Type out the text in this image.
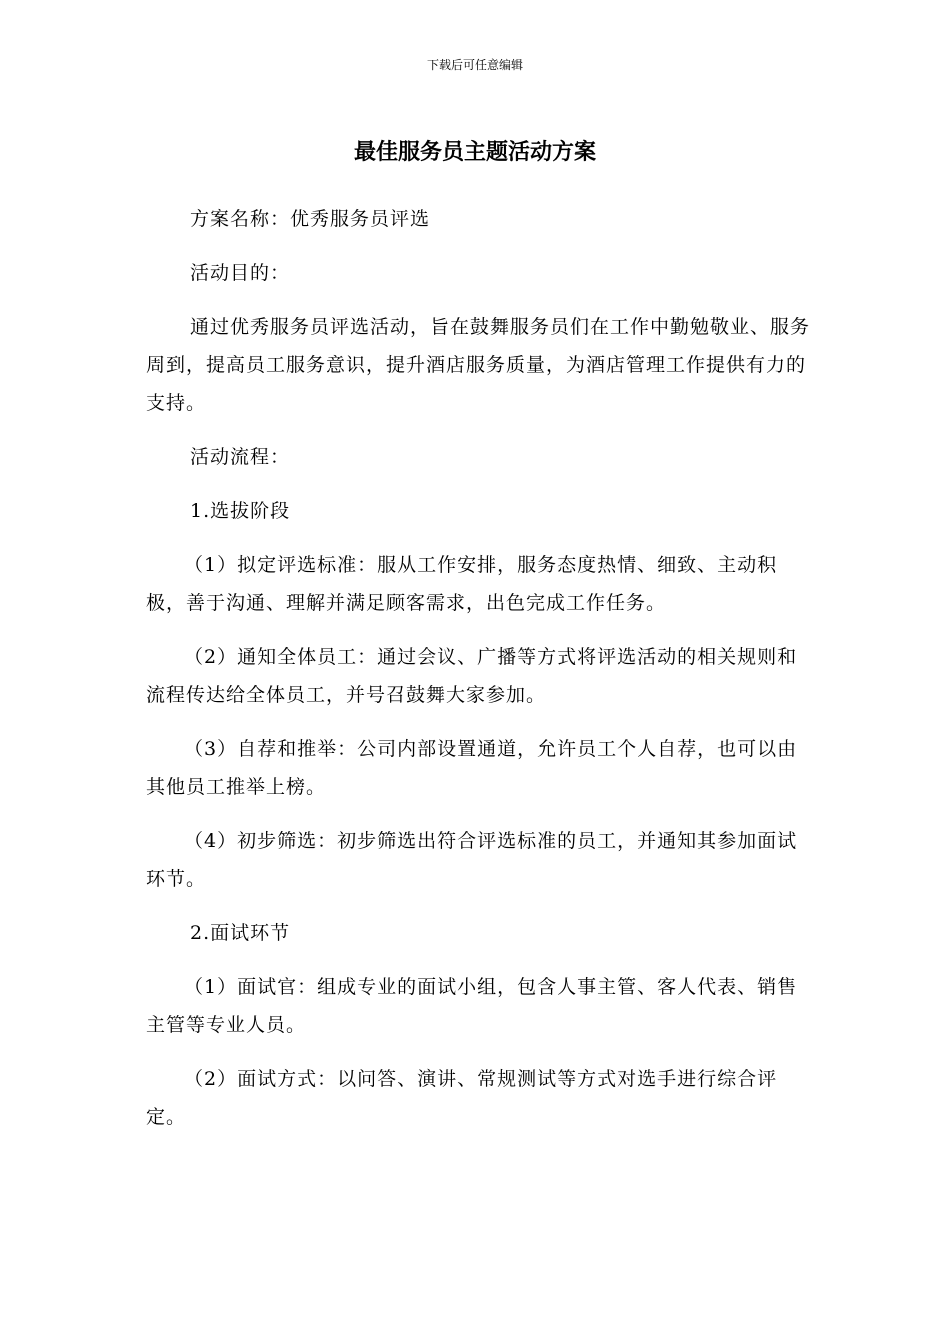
下载后可任意编辑
最佳服务员主题活动方案

方案名称：优秀服务员评选

活动目的：

通过优秀服务员评选活动，旨在鼓舞服务员们在工作中勤勉敬业、服务周到，提高员工服务意识，提升酒店服务质量，为酒店管理工作提供有力的支持。

活动流程：

1.选拔阶段

（1）拟定评选标准：服从工作安排，服务态度热情、细致、主动积极，善于沟通、理解并满足顾客需求，出色完成工作任务。

（2）通知全体员工：通过会议、广播等方式将评选活动的相关规则和流程传达给全体员工，并号召鼓舞大家参加。

（3）自荐和推举：公司内部设置通道，允许员工个人自荐，也可以由其他员工推举上榜。

（4）初步筛选：初步筛选出符合评选标准的员工，并通知其参加面试环节。

2.面试环节

（1）面试官：组成专业的面试小组，包含人事主管、客人代表、销售主管等专业人员。

（2）面试方式：以问答、演讲、常规测试等方式对选手进行综合评定。
